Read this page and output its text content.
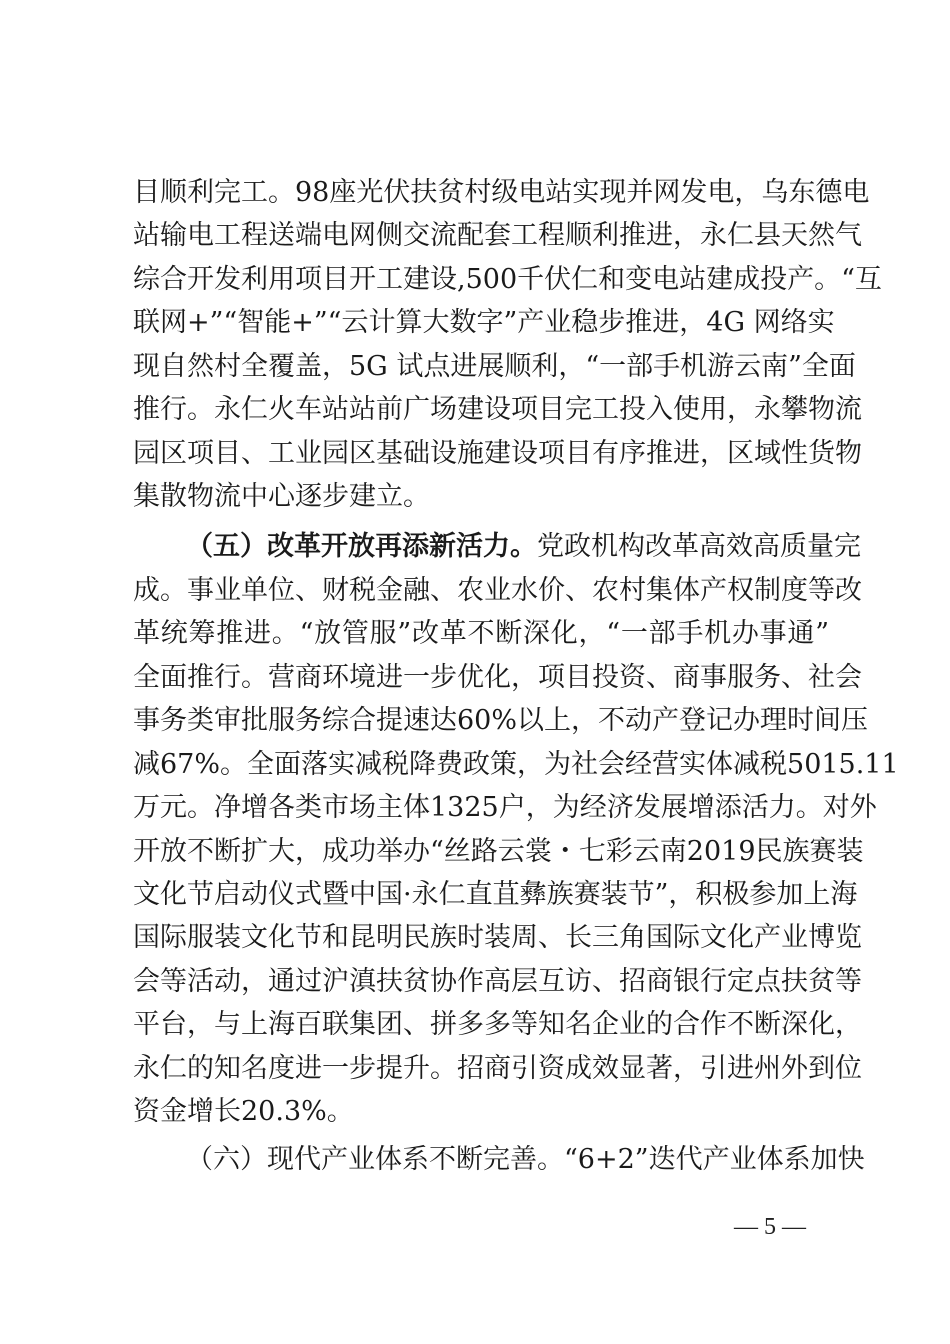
目顺利完工。98座光伏扶贫村级电站实现并网发电，乌东德电
站输电工程送端电网侧交流配套工程顺利推进，永仁县天然气
综合开发利用项目开工建设,500千伏仁和变电站建成投产。“互
联网+”“智能+”“云计算大数字”产业稳步推进，4G 网络实
现自然村全覆盖，5G 试点进展顺利，“一部手机游云南”全面
推行。永仁火车站站前广场建设项目完工投入使用，永攀物流
园区项目、工业园区基础设施建设项目有序推进，区域性货物
集散物流中心逐步建立。
（五）改革开放再添新活力。党政机构改革高效高质量完
成。事业单位、财税金融、农业水价、农村集体产权制度等改
革统筹推进。“放管服”改革不断深化，“一部手机办事通”
全面推行。营商环境进一步优化，项目投资、商事服务、社会
事务类审批服务综合提速达60%以上，不动产登记办理时间压
减67%。全面落实减税降费政策，为社会经营实体减税5015.11
万元。净增各类市场主体1325户，为经济发展增添活力。对外
开放不断扩大，成功举办“丝路云裳・七彩云南2019民族赛装
文化节启动仪式暨中国·永仁直苴彝族赛装节”，积极参加上海
国际服装文化节和昆明民族时装周、长三角国际文化产业博览
会等活动，通过沪滇扶贫协作高层互访、招商银行定点扶贫等
平台，与上海百联集团、拼多多等知名企业的合作不断深化，
永仁的知名度进一步提升。招商引资成效显著，引进州外到位
资金增长20.3%。
（六）现代产业体系不断完善。“6+2”迭代产业体系加快
— 5 —
